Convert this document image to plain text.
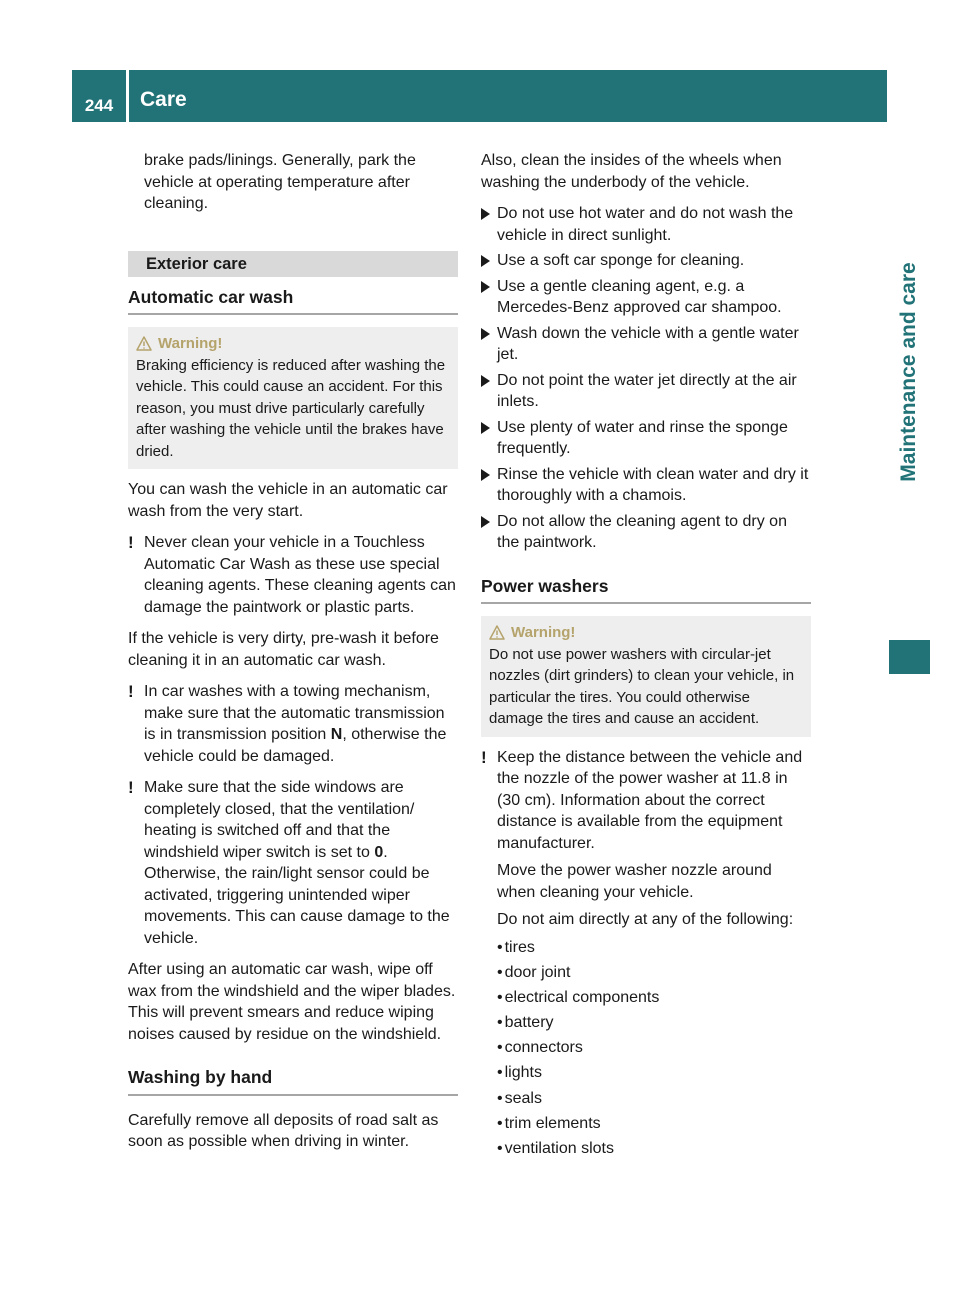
244	Care
Maintenance and care

brake pads/linings. Generally, park the vehicle at operating temperature after cleaning.

Exterior care
Automatic car wash
Warning!
Braking efficiency is reduced after washing the vehicle. This could cause an accident. For this reason, you must drive particularly carefully after washing the vehicle until the brakes have dried.

You can wash the vehicle in an automatic car wash from the very start.

! Never clean your vehicle in a Touchless Automatic Car Wash as these use special cleaning agents. These cleaning agents can damage the paintwork or plastic parts.

If the vehicle is very dirty, pre-wash it before cleaning it in an automatic car wash.

! In car washes with a towing mechanism, make sure that the automatic transmission is in transmission position N, otherwise the vehicle could be damaged.
! Make sure that the side windows are completely closed, that the ventilation/ heating is switched off and that the windshield wiper switch is set to 0. Otherwise, the rain/light sensor could be activated, triggering unintended wiper movements. This can cause damage to the vehicle.

After using an automatic car wash, wipe off wax from the windshield and the wiper blades. This will prevent smears and reduce wiping noises caused by residue on the windshield.

Washing by hand

Carefully remove all deposits of road salt as soon as possible when driving in winter.

Also, clean the insides of the wheels when washing the underbody of the vehicle.

Do not use hot water and do not wash the vehicle in direct sunlight.
Use a soft car sponge for cleaning.
Use a gentle cleaning agent, e.g. a Mercedes-Benz approved car shampoo.
Wash down the vehicle with a gentle water jet.
Do not point the water jet directly at the air inlets.
Use plenty of water and rinse the sponge frequently.
Rinse the vehicle with clean water and dry it thoroughly with a chamois.
Do not allow the cleaning agent to dry on the paintwork.
Power washers
Warning!
Do not use power washers with circular-jet nozzles (dirt grinders) to clean your vehicle, in particular the tires. You could otherwise damage the tires and cause an accident.
! Keep the distance between the vehicle and the nozzle of the power washer at 11.8 in (30 cm). Information about the correct distance is available from the equipment manufacturer.

Move the power washer nozzle around when cleaning your vehicle.

Do not aim directly at any of the following:

• tires
• door joint
• electrical components
• battery
• connectors
• lights
• seals
• trim elements
• ventilation slots
